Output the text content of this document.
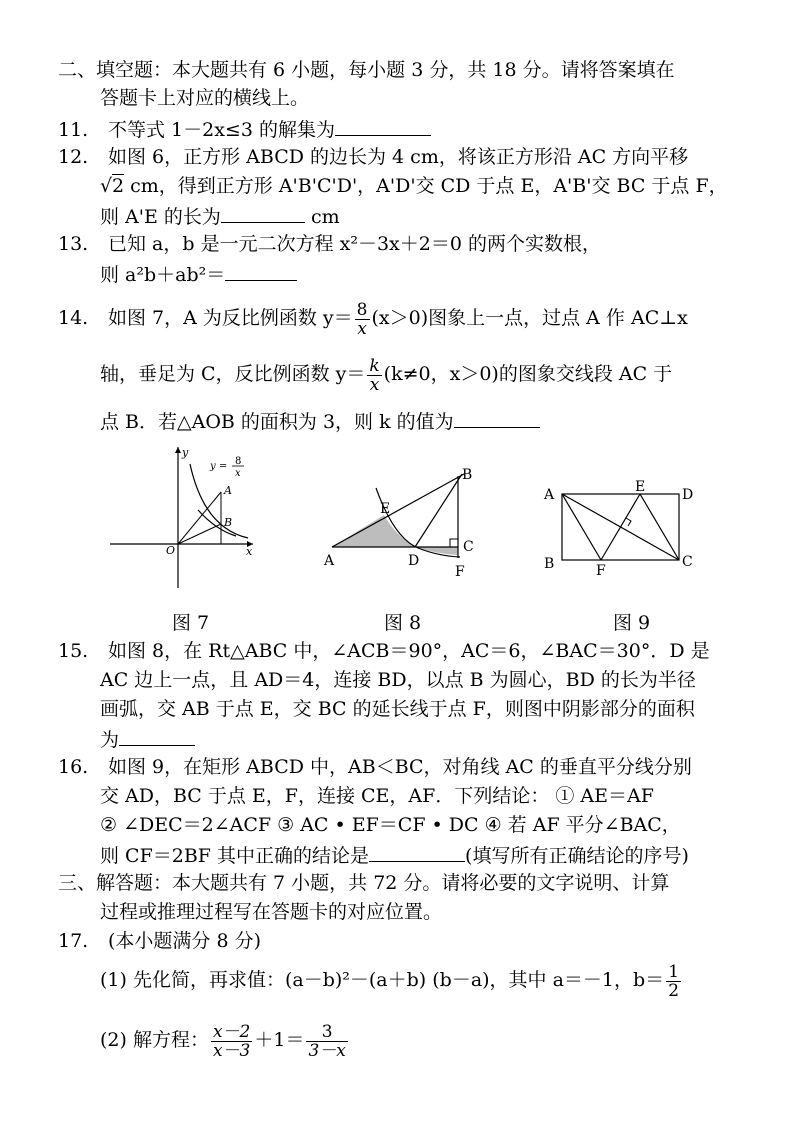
二、填空题：本大题共有 6 小题，每小题 3 分，共 18 分。请将答案填在
答题卡上对应的横线上。
11. 不等式 1－2x≤3 的解集为
12. 如图 6，正方形 ABCD 的边长为 4 cm，将该正方形沿 AC 方向平移
√ 2 cm，得到正方形 A'B'C'D'，A'D'交 CD 于点 E，A'B'交 BC 于点 F，
则 A'E 的长为	cm
13. 已知 a，b 是一元二次方程 x²－3x＋2＝0 的两个实数根，
则 a²b＋ab²＝
14. 如图 7，A 为反比例函数 $y= \frac{8}{x} (x>0)$图象上一点，过点 A 作 AC⊥x
轴，垂足为 C，反比例函数 $y= \frac{k}{x} (k\ne 0$，x＞0)的图象交线段 AC 于
点 B．若△AOB 的面积为 3，则 k 的值为
y
x
O
A
B
y = 8
x
A
B
C
D
E
F
A
B	C
D
E
F
图 7	图 8	图 9
15. 如图 8，在 Rt△ABC 中，∠ACB＝90°，AC＝6，∠BAC＝30°．D 是
AC 边上一点，且 AD＝4，连接 BD，以点 B 为圆心，BD 的长为半径
画弧，交 AB 于点 E，交 BC 的延长线于点 F，则图中阴影部分的面积
为
16. 如图 9，在矩形 ABCD 中，AB＜BC，对角线 AC 的垂直平分线分别
交 AD，BC 于点 E，F，连接 CE，AF．下列结论： ① AE＝AF
② ∠DEC＝2∠ACF ③ AC • EF＝CF • DC ④ 若 AF 平分∠BAC，
则 CF＝2BF 其中正确的结论是	(填写所有正确结论的序号)
三、解答题：本大题共有 7 小题，共 72 分。请将必要的文字说明、计算
过程或推理过程写在答题卡的对应位置。
17. (本小题满分 8 分)
(1) 先化简，再求值：(a－b)²－(a＋b) (b－a)，其中 a＝－1，$b= \frac{1}{2}$
(2) 解方程： $\frac{x-2}{x-3} +1= \frac{3}{3-x}$
